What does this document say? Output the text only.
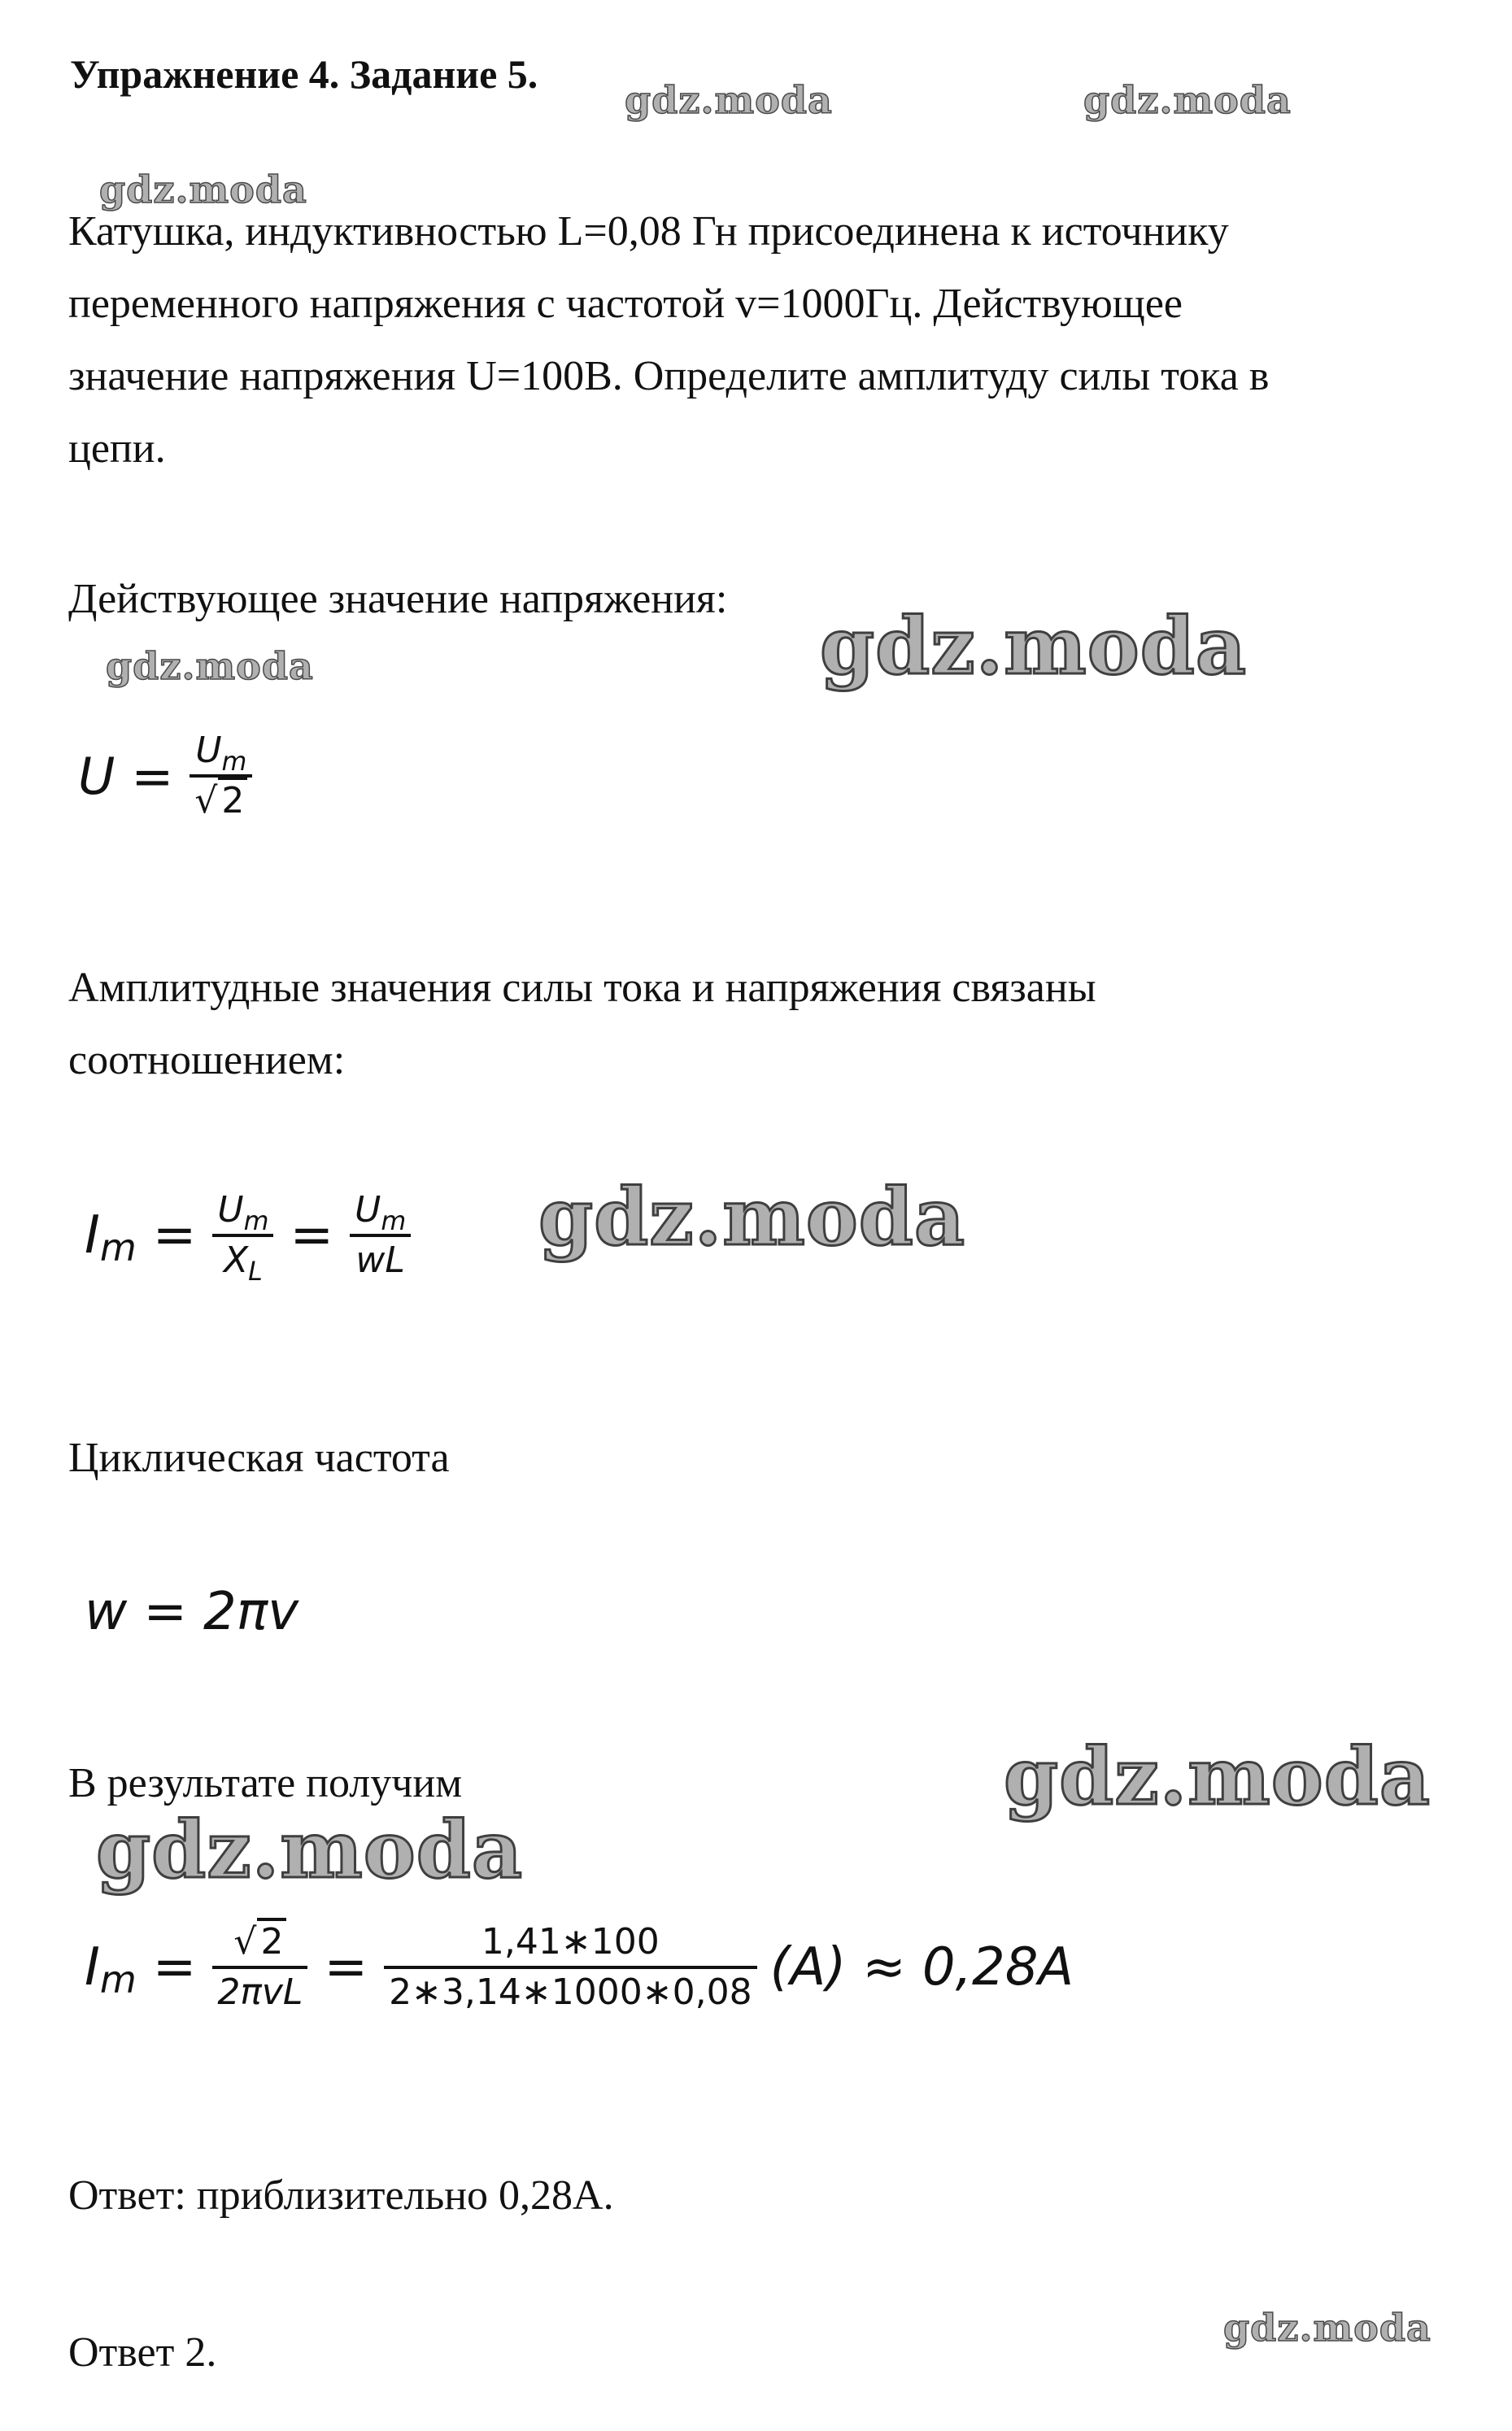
Упражнение 4. Задание 5.
Катушка, индуктивностью L=0,08 Гн присоединена к источнику
переменного напряжения с частотой v=1000Гц. Действующее
значение напряжения U=100В. Определите амплитуду силы тока в
цепи.
Действующее значение напряжения:
$U = \frac{U_m}{√ 2}$
Амплитудные значения силы тока и напряжения связаны
соотношением:
I $m = \frac{U_m}{X_L} = \frac{U_m}{wL}$
Циклическая частота
w = 2πv
В результате получим
I $m = \frac{√ 2}{\text{2πvL}} = \frac{1,41∗100}{2∗3,14∗1000∗0,08} (A) \approx 0,28A$
Ответ: приблизительно 0,28А.
Ответ 2.
gdz.moda	gdz.moda
gdz.moda
gdz.moda	gdz.moda
gdz.moda
gdz.moda
gdz.moda
gdz.moda
